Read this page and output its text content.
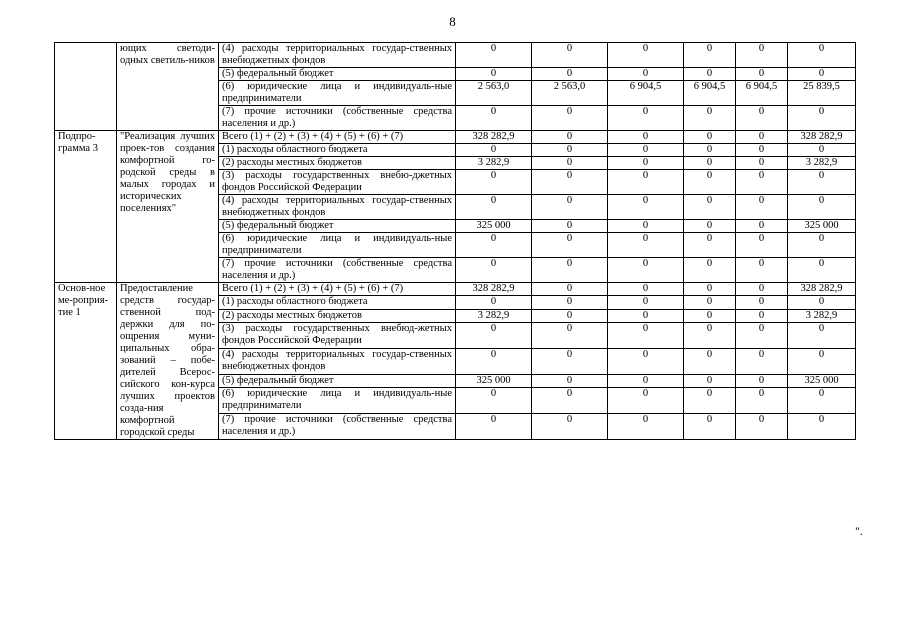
8
	ющих светоди-одных светиль-ников	(4) расходы территориальных государ-ственных внебюджетных фондов	0	0	0	0	0	0
		(5) федеральный бюджет	0	0	0	0	0	0
		(6) юридические лица и индивидуаль-ные предприниматели	2 563,0	2 563,0	6 904,5	6 904,5	6 904,5	25 839,5
		(7) прочие источники (собственные средства населения и др.)	0	0	0	0	0	0
Подпро-грамма 3	"Реализация лучших проек-тов создания комфортной го-родской среды в малых городах и исторических поселениях"	Всего (1) + (2) + (3) + (4) + (5) + (6) + (7)	328 282,9	0	0	0	0	328 282,9
		(1) расходы областного бюджета	0	0	0	0	0	0
		(2) расходы местных бюджетов	3 282,9	0	0	0	0	3 282,9
		(3) расходы государственных внебю-джетных фондов Российской Федерации	0	0	0	0	0	0
		(4) расходы территориальных государ-ственных внебюджетных фондов	0	0	0	0	0	0
		(5) федеральный бюджет	325 000	0	0	0	0	325 000
		(6) юридические лица и индивидуаль-ные предприниматели	0	0	0	0	0	0
		(7) прочие источники (собственные средства населения и др.)	0	0	0	0	0	0
Основ-ное ме-роприя-тие 1	Предоставление средств государ-ственной под-держки для по-ощрения муни-ципальных обра-зований – побе-дителей Всерос-сийского кон-курса лучших проектов созда-ния комфортной городской среды	Всего (1) + (2) + (3) + (4) + (5) + (6) + (7)	328 282,9	0	0	0	0	328 282,9
		(1) расходы областного бюджета	0	0	0	0	0	0
		(2) расходы местных бюджетов	3 282,9	0	0	0	0	3 282,9
		(3) расходы государственных внебюд-жетных фондов Российской Федерации	0	0	0	0	0	0
		(4) расходы территориальных государ-ственных внебюджетных фондов	0	0	0	0	0	0
		(5) федеральный бюджет	325 000	0	0	0	0	325 000
		(6) юридические лица и индивидуаль-ные предприниматели	0	0	0	0	0	0
		(7) прочие источники (собственные средства населения и др.)	0	0	0	0	0	0
".
